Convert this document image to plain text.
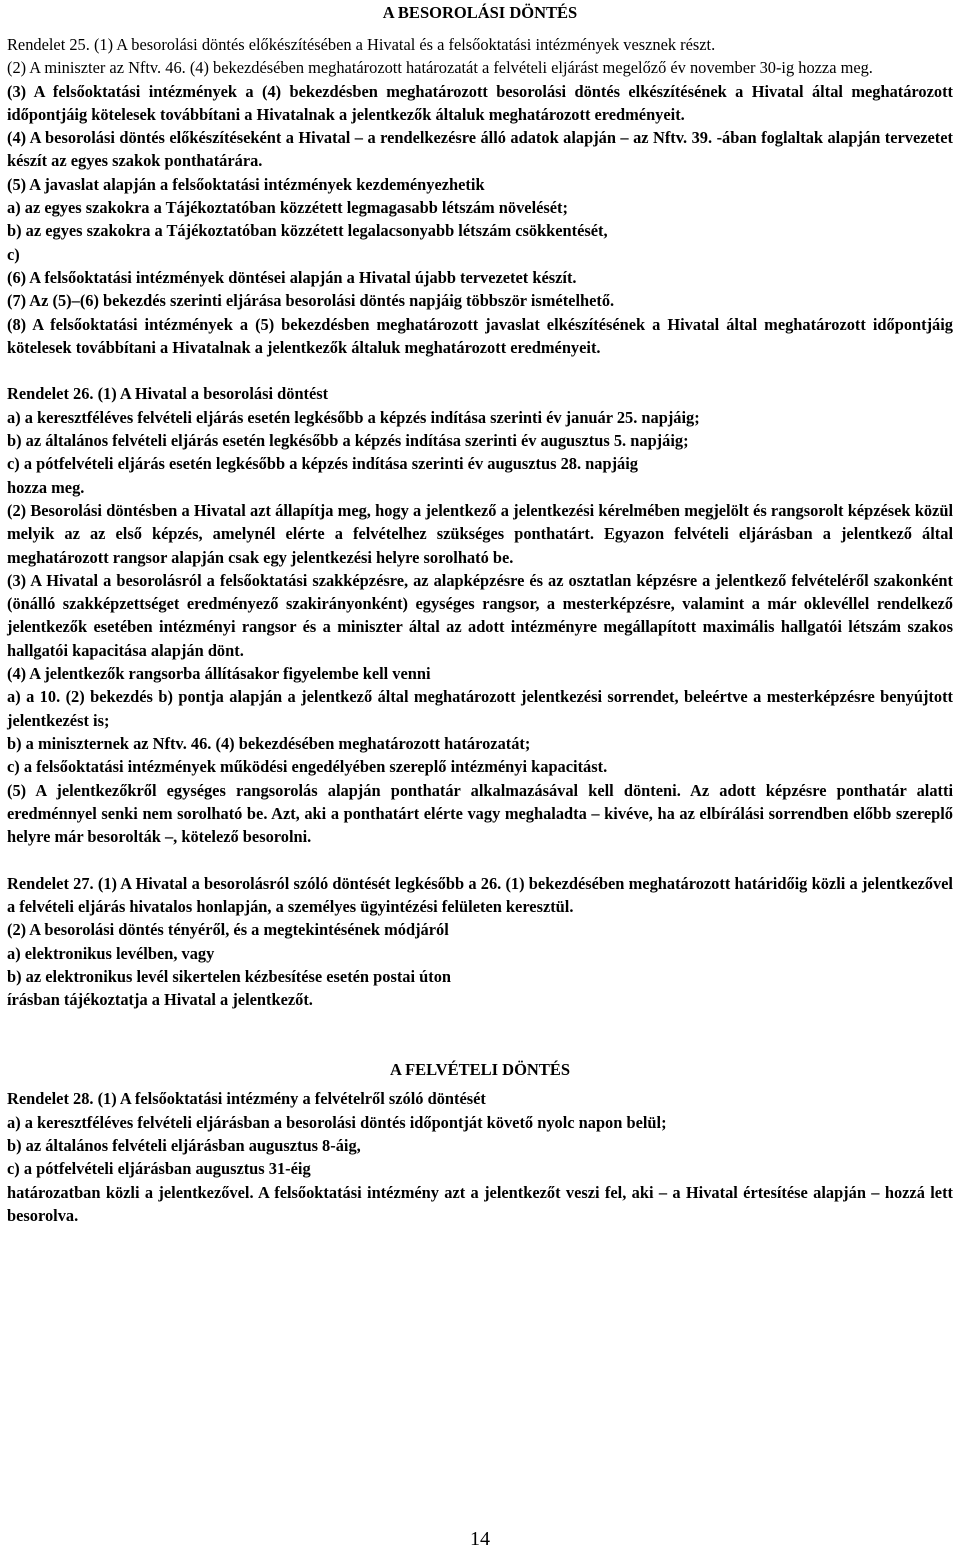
A BESOROLÁSI DÖNTÉS

Rendelet 25. (1) A besorolási döntés előkészítésében a Hivatal és a felsőoktatási intézmények vesznek részt.

(2) A miniszter az Nftv. 46. (4) bekezdésében meghatározott határozatát a felvételi eljárást megelőző év november 30-ig hozza meg.

(3) A felsőoktatási intézmények a (4) bekezdésben meghatározott besorolási döntés elkészítésének a Hivatal által meghatározott időpontjáig kötelesek továbbítani a Hivatalnak a jelentkezők általuk meghatározott eredményeit.

(4) A besorolási döntés előkészítéseként a Hivatal – a rendelkezésre álló adatok alapján – az Nftv. 39. -ában foglaltak alapján tervezetet készít az egyes szakok ponthatárára.

(5) A javaslat alapján a felsőoktatási intézmények kezdeményezhetik

a) az egyes szakokra a Tájékoztatóban közzétett legmagasabb létszám növelését;

b) az egyes szakokra a Tájékoztatóban közzétett legalacsonyabb létszám csökkentését,

c)

(6) A felsőoktatási intézmények döntései alapján a Hivatal újabb tervezetet készít.

(7) Az (5)–(6) bekezdés szerinti eljárása besorolási döntés napjáig többször ismételhető.

(8) A felsőoktatási intézmények a (5) bekezdésben meghatározott javaslat elkészítésének a Hivatal által meghatározott időpontjáig kötelesek továbbítani a Hivatalnak a jelentkezők általuk meghatározott eredményeit.

Rendelet 26. (1) A Hivatal a besorolási döntést

a) a keresztféléves felvételi eljárás esetén legkésőbb a képzés indítása szerinti év január 25. napjáig;

b) az általános felvételi eljárás esetén legkésőbb a képzés indítása szerinti év augusztus 5. napjáig;

c) a pótfelvételi eljárás esetén legkésőbb a képzés indítása szerinti év augusztus 28. napjáig

hozza meg.

(2) Besorolási döntésben a Hivatal azt állapítja meg, hogy a jelentkező a jelentkezési kérelmében megjelölt és rangsorolt képzések közül melyik az az első képzés, amelynél elérte a felvételhez szükséges ponthatárt. Egyazon felvételi eljárásban a jelentkező által meghatározott rangsor alapján csak egy jelentkezési helyre sorolható be.

(3) A Hivatal a besorolásról a felsőoktatási szakképzésre, az alapképzésre és az osztatlan képzésre a jelentkező felvételéről szakonként (önálló szakképzettséget eredményező szakirányonként) egységes rangsor, a mesterképzésre, valamint a már oklevéllel rendelkező jelentkezők esetében intézményi rangsor és a miniszter által az adott intézményre megállapított maximális hallgatói létszám szakos hallgatói kapacitása alapján dönt.

(4) A jelentkezők rangsorba állításakor figyelembe kell venni

a) a 10. (2) bekezdés b) pontja alapján a jelentkező által meghatározott jelentkezési sorrendet, beleértve a mesterképzésre benyújtott jelentkezést is;

b) a miniszternek az Nftv. 46. (4) bekezdésében meghatározott határozatát;

c) a felsőoktatási intézmények működési engedélyében szereplő intézményi kapacitást.

(5) A jelentkezőkről egységes rangsorolás alapján ponthatár alkalmazásával kell dönteni. Az adott képzésre ponthatár alatti eredménnyel senki nem sorolható be. Azt, aki a ponthatárt elérte vagy meghaladta – kivéve, ha az elbírálási sorrendben előbb szereplő helyre már besorolták –, kötelező besorolni.

Rendelet 27. (1) A Hivatal a besorolásról szóló döntését legkésőbb a 26. (1) bekezdésében meghatározott határidőig közli a jelentkezővel a felvételi eljárás hivatalos honlapján, a személyes ügyintézési felületen keresztül.

(2) A besorolási döntés tényéről, és a megtekintésének módjáról

a) elektronikus levélben, vagy

b) az elektronikus levél sikertelen kézbesítése esetén postai úton

írásban tájékoztatja a Hivatal a jelentkezőt.

A FELVÉTELI DÖNTÉS

Rendelet 28. (1) A felsőoktatási intézmény a felvételről szóló döntését

a) a keresztféléves felvételi eljárásban a besorolási döntés időpontját követő nyolc napon belül;

b) az általános felvételi eljárásban augusztus 8-áig,

c) a pótfelvételi eljárásban augusztus 31-éig

határozatban közli a jelentkezővel. A felsőoktatási intézmény azt a jelentkezőt veszi fel, aki – a Hivatal értesítése alapján – hozzá lett besorolva.

14
